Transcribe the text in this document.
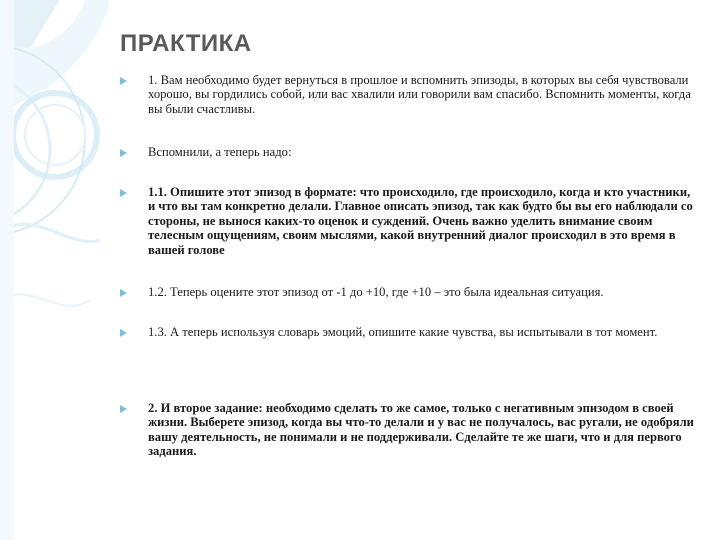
ПРАКТИКА
1. Вам необходимо будет вернуться в прошлое и вспомнить эпизоды, в которых вы себя чувствовали хорошо, вы гордились собой, или вас хвалили или говорили вам спасибо. Вспомнить моменты, когда вы были счастливы.
Вспомнили, а теперь надо:
1.1. Опишите этот эпизод в формате: что происходило, где происходило, когда и кто участники, и что вы там конкретно делали. Главное описать эпизод, так как будто бы вы его наблюдали со стороны, не вынося каких-то оценок и суждений. Очень важно уделить внимание своим телесным ощущениям, своим мыслями, какой внутренний диалог происходил в это время в вашей голове
1.2. Теперь оцените этот эпизод от -1 до +10, где +10 – это была идеальная ситуация.
1.3. А теперь используя словарь эмоций, опишите какие чувства, вы испытывали в тот момент.
2. И второе задание: необходимо сделать то же самое, только с негативным эпизодом в своей жизни. Выберете эпизод, когда вы что-то делали и у вас не получалось, вас ругали, не одобряли вашу деятельность, не понимали и не поддерживали. Сделайте те же шаги, что и для первого задания.
